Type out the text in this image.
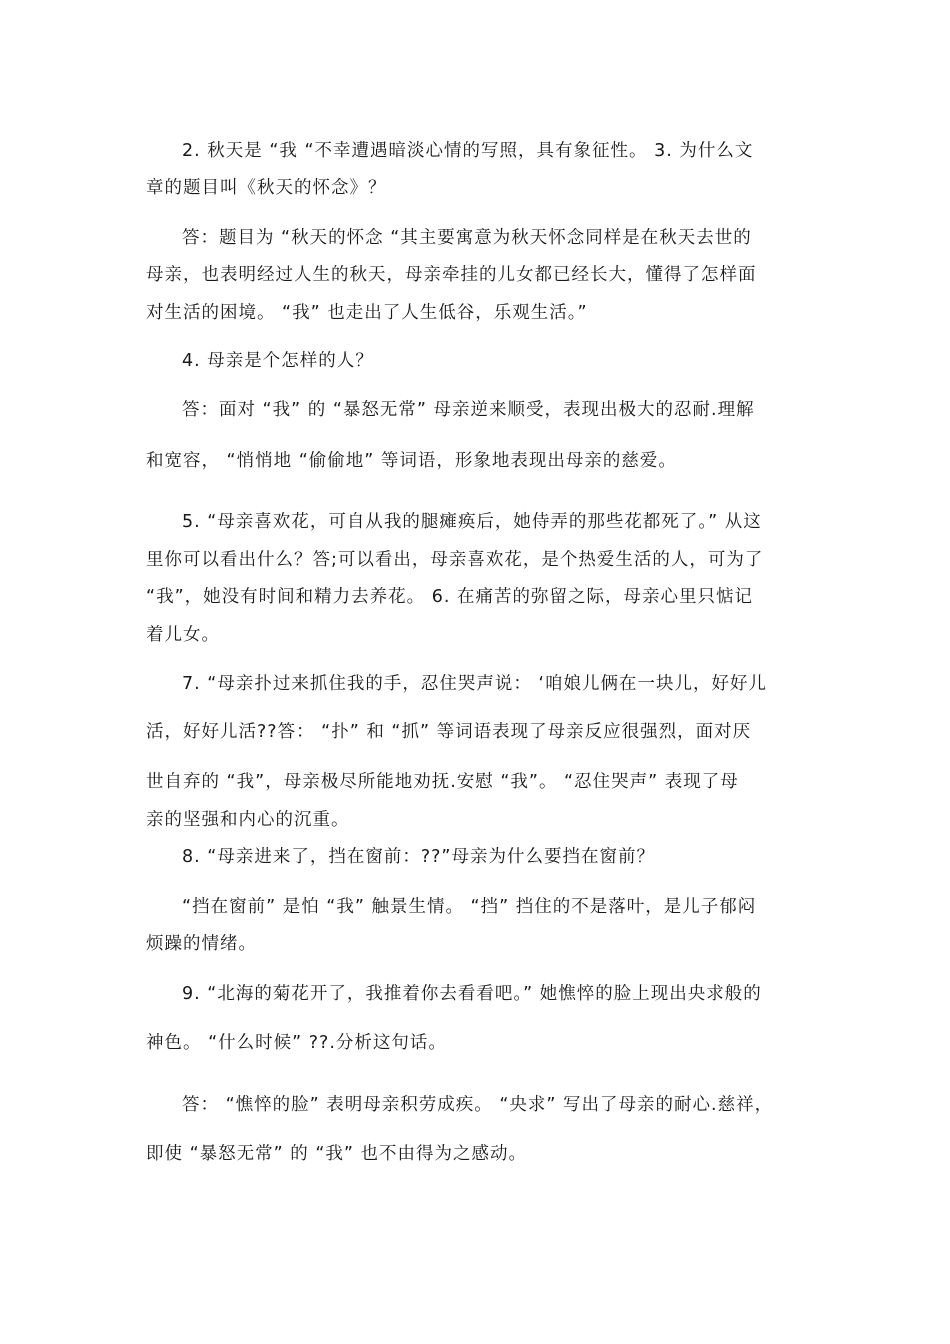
2. 秋天是 “我 “不幸遭遇暗淡心情的写照，具有象征性。 3. 为什么文
章的题目叫《秋天的怀念》？
答：题目为 “秋天的怀念 “其主要寓意为秋天怀念同样是在秋天去世的
母亲，也表明经过人生的秋天，母亲牵挂的儿女都已经长大，懂得了怎样面
对生活的困境。 “我” 也走出了人生低谷，乐观生活。”
4. 母亲是个怎样的人？
答：面对 “我” 的 “暴怒无常” 母亲逆来顺受，表现出极大的忍耐.理解
和宽容， “悄悄地 “偷偷地” 等词语，形象地表现出母亲的慈爱。
5. “母亲喜欢花，可自从我的腿瘫痪后，她侍弄的那些花都死了。” 从这
里你可以看出什么？答;可以看出，母亲喜欢花，是个热爱生活的人，可为了
“我”，她没有时间和精力去养花。 6. 在痛苦的弥留之际，母亲心里只惦记
着儿女。
7. “母亲扑过来抓住我的手，忍住哭声说： ‘咱娘儿俩在一块儿，好好儿
活，好好儿活??答： “扑” 和 “抓” 等词语表现了母亲反应很强烈，面对厌
世自弃的 “我”，母亲极尽所能地劝抚.安慰 “我”。 “忍住哭声” 表现了母
亲的坚强和内心的沉重。
8. “母亲进来了，挡在窗前：??”母亲为什么要挡在窗前？
“挡在窗前” 是怕 “我” 触景生情。 “挡” 挡住的不是落叶，是儿子郁闷
烦躁的情绪。
9. “北海的菊花开了，我推着你去看看吧。” 她憔悴的脸上现出央求般的
神色。 “什么时候” ??.分析这句话。
答： “憔悴的脸” 表明母亲积劳成疾。 “央求” 写出了母亲的耐心.慈祥，
即使 “暴怒无常” 的 “我” 也不由得为之感动。
